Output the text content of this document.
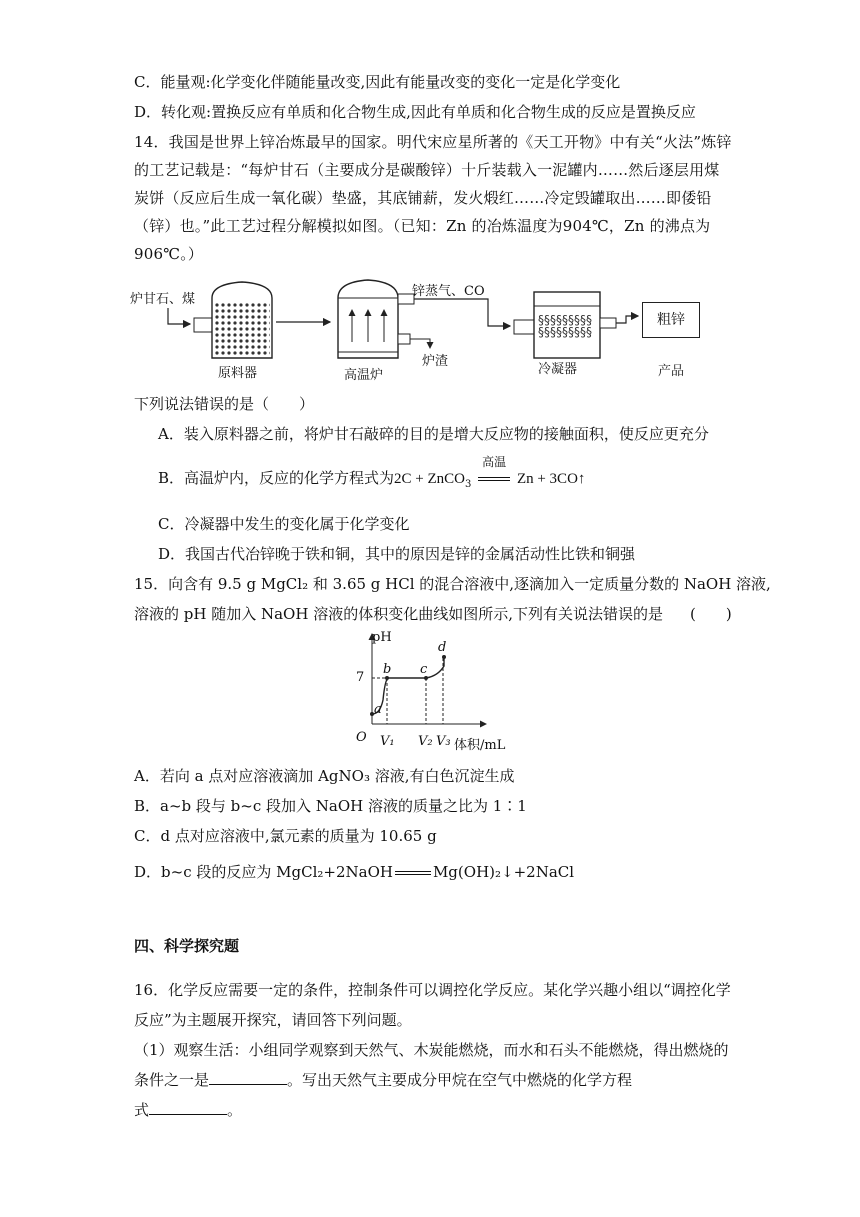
C．能量观:化学变化伴随能量改变,因此有能量改变的变化一定是化学变化
D．转化观:置换反应有单质和化合物生成,因此有单质和化合物生成的反应是置换反应
14．我国是世界上锌冶炼最早的国家。明代宋应星所著的《天工开物》中有关“火法”炼锌的工艺记载是：“每炉甘石（主要成分是碳酸锌）十斤装载入一泥罐内……然后逐层用煤炭饼（反应后生成一氧化碳）垫盛，其底铺薪，发火煅红……冷定毁罐取出……即倭铅（锌）也。”此工艺过程分解模拟如图。（已知：Zn 的冶炼温度为904℃，Zn 的沸点为906℃。）
炉甘石、煤
§§§§§§§§§
§§§§§§§§§
原料器	高温炉
炉渣
锌蒸气、CO
冷凝器	产品
粗锌
下列说法错误的是（　　）
A．装入原料器之前，将炉甘石敲碎的目的是增大反应物的接触面积，使反应更充分
B．高温炉内，反应的化学方程式为2C + ZnCO$_3$
高温
Zn + 3CO↑
C．冷凝器中发生的变化属于化学变化
D．我国古代冶锌晚于铁和铜，其中的原因是锌的金属活动性比铁和铜强
15．向含有 9.5 g MgCl₂ 和 3.65 g HCl 的混合溶液中,逐滴加入一定质量分数的 NaOH 溶液,
溶液的 pH 随加入 NaOH 溶液的体积变化曲线如图所示,下列有关说法错误的是 (　　)
pH
7
O
a
b c
d
V₁ V₂ V₃ 体积/mL
A．若向 a 点对应溶液滴加 AgNO₃ 溶液,有白色沉淀生成
B．a~b 段与 b~c 段加入 NaOH 溶液的质量之比为 1∶1
C．d 点对应溶液中,氯元素的质量为 10.65 g
D．b~c 段的反应为 MgCl₂+2NaOH	Mg(OH)₂↓+2NaCl
四、科学探究题
16．化学反应需要一定的条件，控制条件可以调控化学反应。某化学兴趣小组以“调控化学
反应”为主题展开探究，请回答下列问题。
（1）观察生活：小组同学观察到天然气、木炭能燃烧，而水和石头不能燃烧，得出燃烧的
条件之一是	。写出天然气主要成分甲烷在空气中燃烧的化学方程
式	。
